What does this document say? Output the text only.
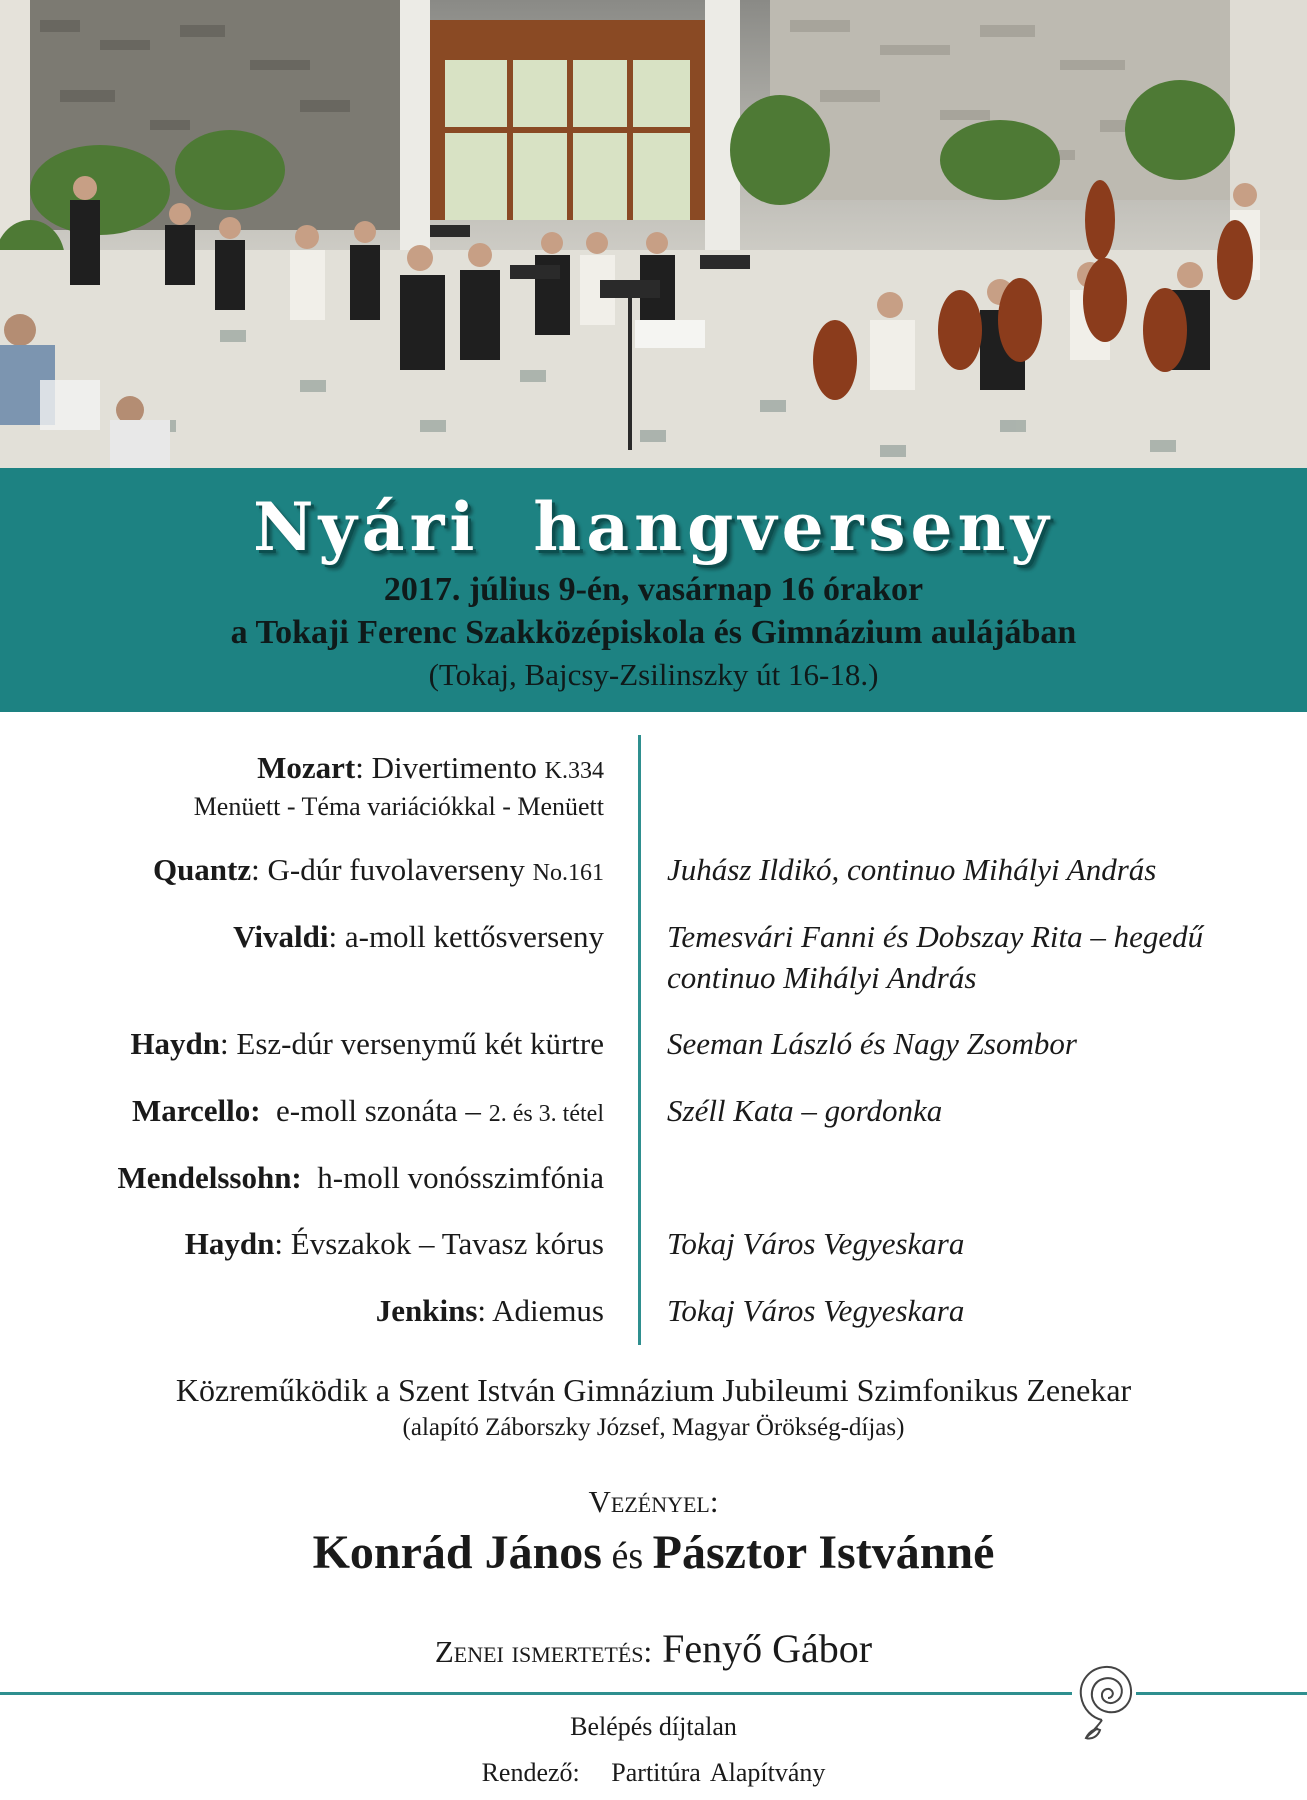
Nyári hangverseny
2017. július 9-én, vasárnap 16 órakor
a Tokaji Ferenc Szakközépiskola és Gimnázium aulájában
(Tokaj, Bajcsy-Zsilinszky út 16-18.)
Mozart: Divertimento K.334
Menüett - Téma variációkkal - Menüett
Quantz: G-dúr fuvolaverseny No.161 Juhász Ildikó, continuo Mihályi András
Vivaldi: a-moll kettősverseny Temesvári Fanni és Dobszay Rita – hegedű
continuo Mihályi András
Haydn: Esz-dúr versenymű két kürtre Seeman László és Nagy Zsombor
Marcello: e-moll szonáta – 2. és 3. tétel Széll Kata – gordonka
Mendelssohn: h-moll vonósszimfónia
Haydn: Évszakok – Tavasz kórus Tokaj Város Vegyeskara
Jenkins: Adiemus Tokaj Város Vegyeskara
Közreműködik a Szent István Gimnázium Jubileumi Szimfonikus Zenekar
(alapító Záborszky József, Magyar Örökség-díjas)
Vezényel:
Konrád János és Pásztor Istvánné
Zenei ismertetés: Fenyő Gábor
Belépés díjtalan
Rendező: Partitúra Alapítvány
